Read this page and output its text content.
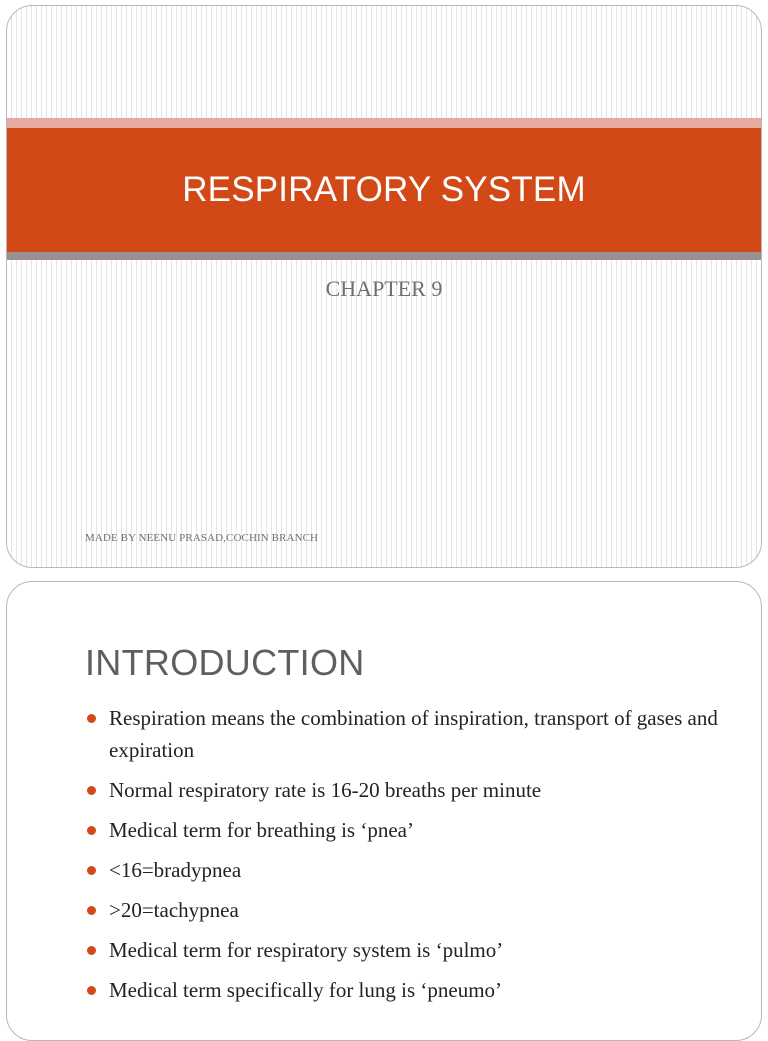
RESPIRATORY SYSTEM
CHAPTER 9
MADE BY NEENU PRASAD,COCHIN BRANCH
INTRODUCTION
Respiration means the combination of inspiration, transport of gases and expiration
Normal respiratory rate is 16-20 breaths per minute
Medical term for breathing is ‘pnea’
<16=bradypnea
>20=tachypnea
Medical term for respiratory system is ‘pulmo’
Medical term specifically for lung is ‘pneumo’
